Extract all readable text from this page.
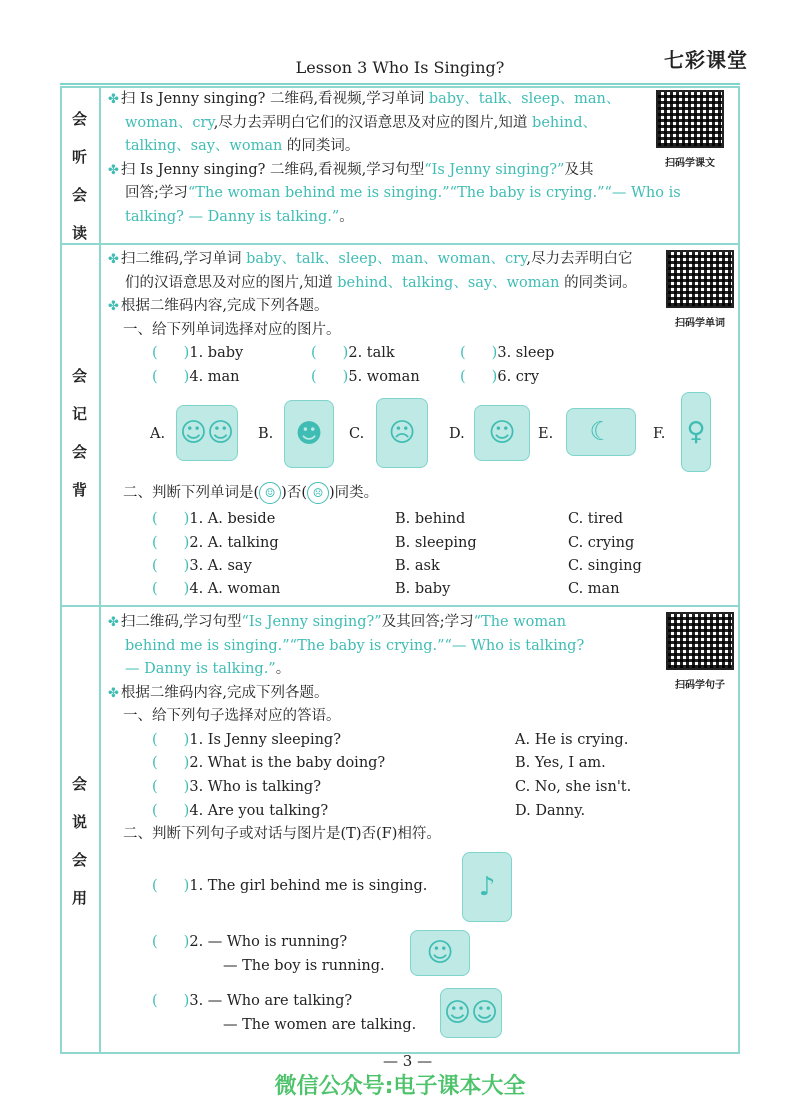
Lesson 3 Who Is Singing?	七彩课堂
会
听
会
读
✤ 扫 Is Jenny singing? 二维码,看视频,学习单词 baby、talk、sleep、man、
woman、cry,尽力去弄明白它们的汉语意思及对应的图片,知道 behind、
talking、say、woman 的同类词。
✤ 扫 Is Jenny singing? 二维码,看视频,学习句型“Is Jenny singing?”及其
回答;学习“The woman behind me is singing.”“The baby is crying.”“— Who is
talking? — Danny is talking.”。
扫码学课文
会
记
会
背
✤ 扫二维码,学习单词 baby、talk、sleep、man、woman、cry,尽力去弄明白它
们的汉语意思及对应的图片,知道 behind、talking、say、woman 的同类词。
✤ 根据二维码内容,完成下列各题。
一、给下列单词选择对应的图片。	扫码学单词
( )1. baby	( )2. talk	( )3. sleep
( )4. man	( )5. woman	( )6. cry
A. ☺☺ B. ☻	C. ☹	D. ☺	E.	☾	F. ♀
二、判断下列单词是( ☺ )否( ☹ )同类。
( )1. A. beside	B. behind	C. tired
( )2. A. talking	B. sleeping	C. crying
( )3. A. say	B. ask	C. singing
( )4. A. woman	B. baby	C. man
会
说
会
用
✤ 扫二维码,学习句型“Is Jenny singing?”及其回答;学习“The woman
behind me is singing.”“The baby is crying.”“— Who is talking?
— Danny is talking.”。
✤ 根据二维码内容,完成下列各题。
一、给下列句子选择对应的答语。
扫码学句子
( )1. Is Jenny sleeping?	A. He is crying.
( )2. What is the baby doing?	B. Yes, I am.
( )3. Who is talking?	C. No, she isn't.
( )4. Are you talking?	D. Danny.
二、判断下列句子或对话与图片是(T)否(F)相符。
( )1. The girl behind me is singing.	♪
( )2. — Who is running?
— The boy is running.	☺
( )3. — Who are talking?
— The women are talking. ☺☺
— 3 —
微信公众号:电子课本大全
